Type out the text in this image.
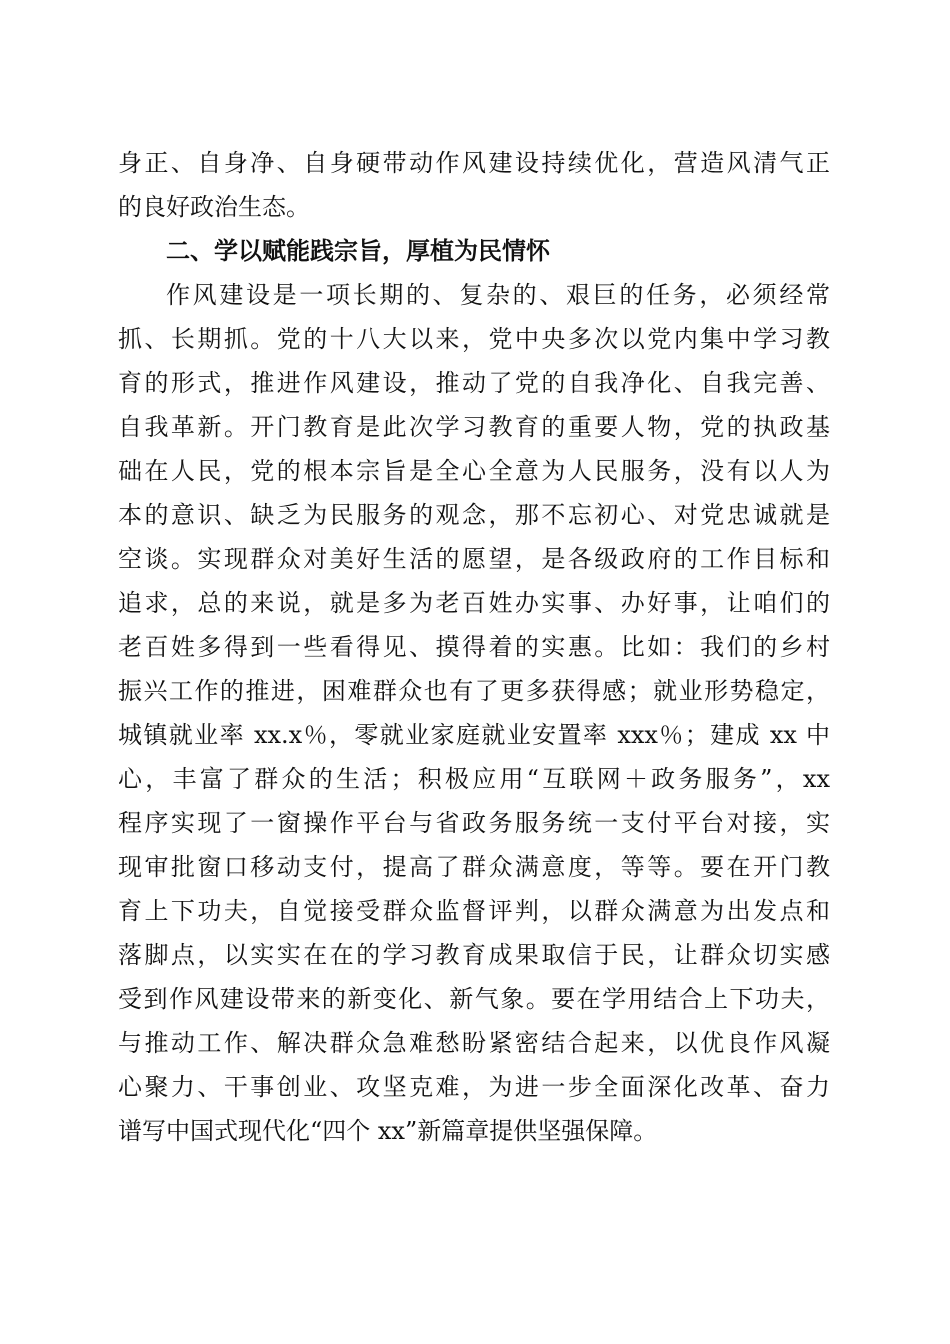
身正、自身净、自身硬带动作风建设持续优化，营造风清气正
的良好政治生态。
二、学以赋能践宗旨，厚植为民情怀
作风建设是一项长期的、复杂的、艰巨的任务，必须经常
抓、长期抓。党的十八大以来，党中央多次以党内集中学习教
育的形式，推进作风建设，推动了党的自我净化、自我完善、
自我革新。开门教育是此次学习教育的重要人物，党的执政基
础在人民，党的根本宗旨是全心全意为人民服务，没有以人为
本的意识、缺乏为民服务的观念，那不忘初心、对党忠诚就是
空谈。实现群众对美好生活的愿望，是各级政府的工作目标和
追求，总的来说，就是多为老百姓办实事、办好事，让咱们的
老百姓多得到一些看得见、摸得着的实惠。比如：我们的乡村
振兴工作的推进，困难群众也有了更多获得感；就业形势稳定，
城镇就业率 xx.x％，零就业家庭就业安置率 xxx％；建成 xx 中
心，丰富了群众的生活；积极应用“互联网＋政务服务”，xx
程序实现了一窗操作平台与省政务服务统一支付平台对接，实
现审批窗口移动支付，提高了群众满意度，等等。要在开门教
育上下功夫，自觉接受群众监督评判，以群众满意为出发点和
落脚点，以实实在在的学习教育成果取信于民，让群众切实感
受到作风建设带来的新变化、新气象。要在学用结合上下功夫，
与推动工作、解决群众急难愁盼紧密结合起来，以优良作风凝
心聚力、干事创业、攻坚克难，为进一步全面深化改革、奋力
谱写中国式现代化“四个 xx”新篇章提供坚强保障。
